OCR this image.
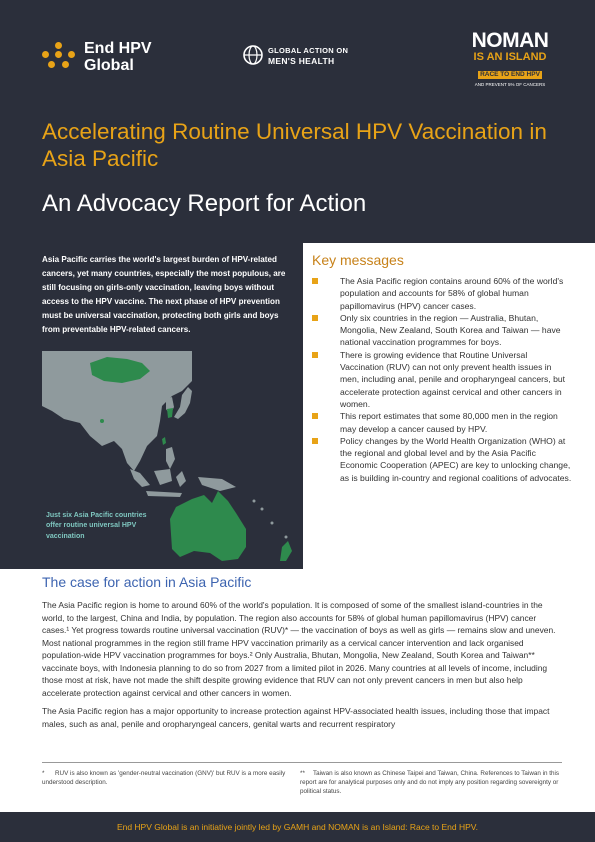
End HPV
Global
GLOBAL ACTION ON
MEN'S HEALTH
NOMAN
IS AN ISLAND
RACE TO END HPV
AND PREVENT 5% OF CANCERS
Accelerating Routine Universal HPV Vaccination in Asia Pacific
An Advocacy Report for Action
Asia Pacific carries the world's largest burden of HPV-related cancers, yet many countries, especially the most populous, are still focusing on girls-only vaccination, leaving boys without access to the HPV vaccine. The next phase of HPV prevention must be universal vaccination, protecting both girls and boys from preventable HPV-related cancers.
Just six Asia Pacific countries offer routine universal HPV vaccination
Key messages
The Asia Pacific region contains around 60% of the world's population and accounts for 58% of global human papillomavirus (HPV) cancer cases.
Only six countries in the region — Australia, Bhutan, Mongolia, New Zealand, South Korea and Taiwan — have national vaccination programmes for boys.
There is growing evidence that Routine Universal Vaccination (RUV) can not only prevent health issues in men, including anal, penile and oropharyngeal cancers, but accelerate protection against cervical and other cancers in women.
This report estimates that some 80,000 men in the region may develop a cancer caused by HPV.
Policy changes by the World Health Organization (WHO) at the regional and global level and by the Asia Pacific Economic Cooperation (APEC) are key to unlocking change, as is building in-country and regional coalitions of advocates.
The case for action in Asia Pacific

The Asia Pacific region is home to around 60% of the world's population. It is composed of some of the smallest island-countries in the world, to the largest, China and India, by population. The region also accounts for 58% of global human papillomavirus (HPV) cancer cases.¹ Yet progress towards routine universal vaccination (RUV)* — the vaccination of boys as well as girls — remains slow and uneven. Most national programmes in the region still frame HPV vaccination primarily as a cervical cancer intervention and lack organised population-wide HPV vaccination programmes for boys.² Only Australia, Bhutan, Mongolia, New Zealand, South Korea and Taiwan** vaccinate boys, with Indonesia planning to do so from 2027 from a limited pilot in 2026. Many countries at all levels of income, including those most at risk, have not made the shift despite growing evidence that RUV can not only prevent cancers in men but also help accelerate protection against cervical and other cancers in women.

The Asia Pacific region has a major opportunity to increase protection against HPV-associated health issues, including those that impact males, such as anal, penile and oropharyngeal cancers, genital warts and recurrent respiratory

* RUV is also known as 'gender-neutral vaccination (GNV)' but RUV is a more easily understood description.
** Taiwan is also known as Chinese Taipei and Taiwan, China. References to Taiwan in this report are for analytical purposes only and do not imply any position regarding sovereignty or political status.
End HPV Global is an initiative jointly led by GAMH and NOMAN is an Island: Race to End HPV.
